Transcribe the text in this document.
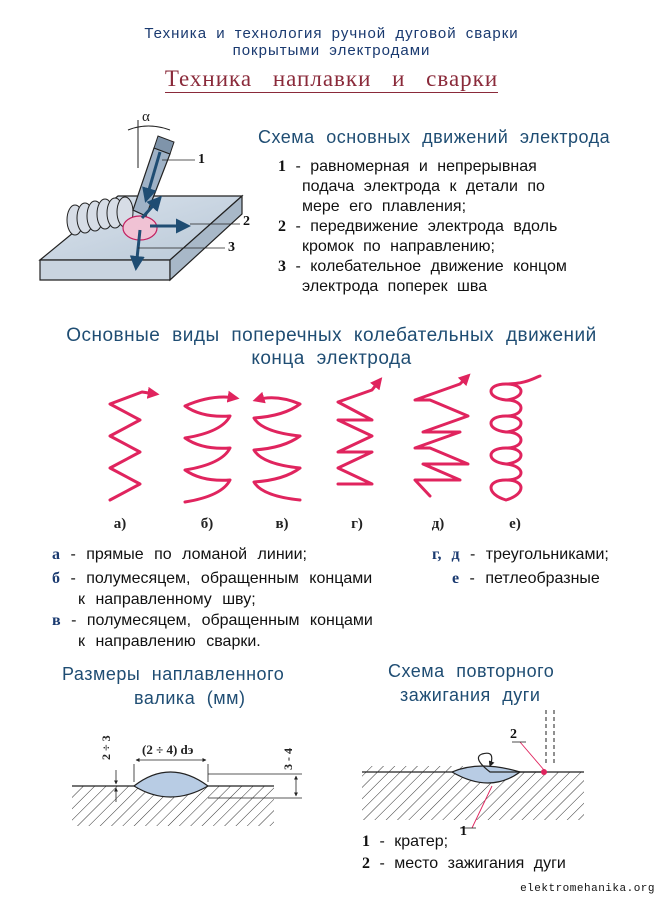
Техника и технология ручной дуговой сварки
покрытыми электродами
Техника наплавки и сварки
α
1
2
3
Схема основных движений электрода
1 - равномерная и непрерывная
подача электрода к детали по
мере его плавления;
2 - передвижение электрода вдоль
кромок по направлению;
3 - колебательное движение концом
электрода поперек шва
Основные виды поперечных колебательных движений
конца электрода
а)	б)	в)	г)	д)	е)
а - прямые по ломаной линии;
б - полумесяцем, обращенным концами
к направленному шву;
в - полумесяцем, обращенным концами
к направлению сварки.
г, д - треугольниками;
е - петлеобразные
Размеры наплавленного
валика (мм)
(2 ÷ 4) dэ
2 ÷ 3	3 - 4
Схема повторного
зажигания дуги
2
1
1 - кратер;
2 - место зажигания дуги
elektromehanika.org
